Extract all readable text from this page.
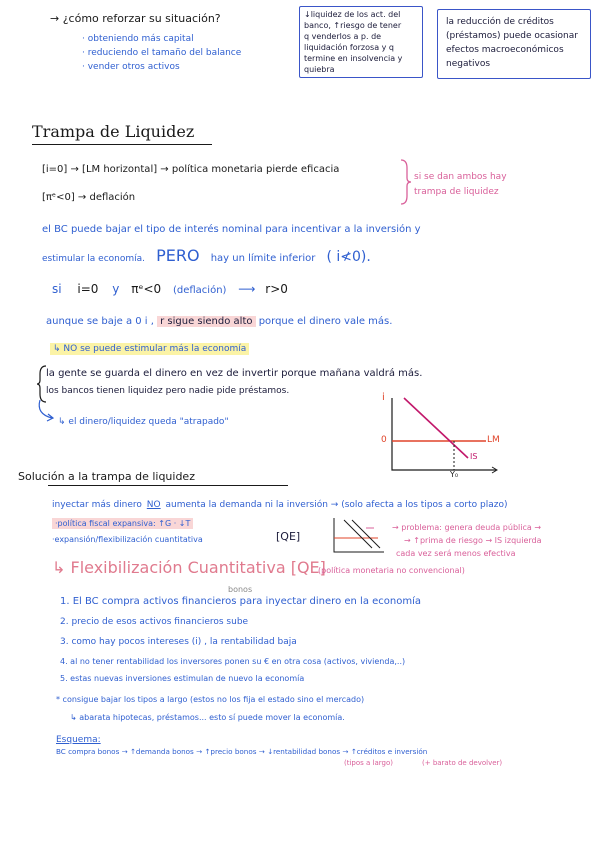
→ ¿cómo reforzar su situación?
· obteniendo más capital
· reduciendo el tamaño del balance
· vender otros activos
↓liquidez de los act. del
banco, ↑riesgo de tener
q venderlos a p. de
liquidación forzosa y q
termine en insolvencia y
quiebra
la reducción de créditos
(préstamos) puede ocasionar
efectos macroeconómicos
negativos
Trampa de Liquidez
[i=0] → [LM horizontal] → política monetaria pierde eficacia
[πᵉ<0] → deflación
si se dan ambos hay
trampa de liquidez
el BC puede bajar el tipo de interés nominal para incentivar a la inversión y
estimular la economía. PERO hay un límite inferior ( i≮0).
si i=0 y πᵉ<0 (deflación) ⟶ r>0
aunque se baje a 0 i , r sigue siendo alto porque el dinero vale más.
↳ NO se puede estimular más la economía
la gente se guarda el dinero en vez de invertir porque mañana valdrá más.
los bancos tienen liquidez pero nadie pide préstamos.
↳ el dinero/liquidez queda "atrapado"
i
0	LM
IS
Y₀
Solución a la trampa de liquidez
inyectar más dinero NO aumenta la demanda ni la inversión → (solo afecta a los tipos a corto plazo)
·política fiscal expansiva: ↑G · ↓T
·expansión/flexibilización cuantitativa	[QE]
→ problema: genera deuda pública →
→ ↑prima de riesgo → IS izquierda
cada vez será menos efectiva
↳ Flexibilización Cuantitativa [QE]
(política monetaria no convencional)
bonos
1. El BC compra activos financieros para inyectar dinero en la economía
2. precio de esos activos financieros sube
3. como hay pocos intereses (i) , la rentabilidad baja
4. al no tener rentabilidad los inversores ponen su € en otra cosa (activos, vivienda,..)
5. estas nuevas inversiones estimulan de nuevo la economía
* consigue bajar los tipos a largo (estos no los fija el estado sino el mercado)
↳ abarata hipotecas, préstamos... esto sí puede mover la economía.
Esquema:
BC compra bonos → ↑demanda bonos → ↑precio bonos → ↓rentabilidad bonos → ↑créditos e inversión
(tipos a largo)	(+ barato de devolver)
